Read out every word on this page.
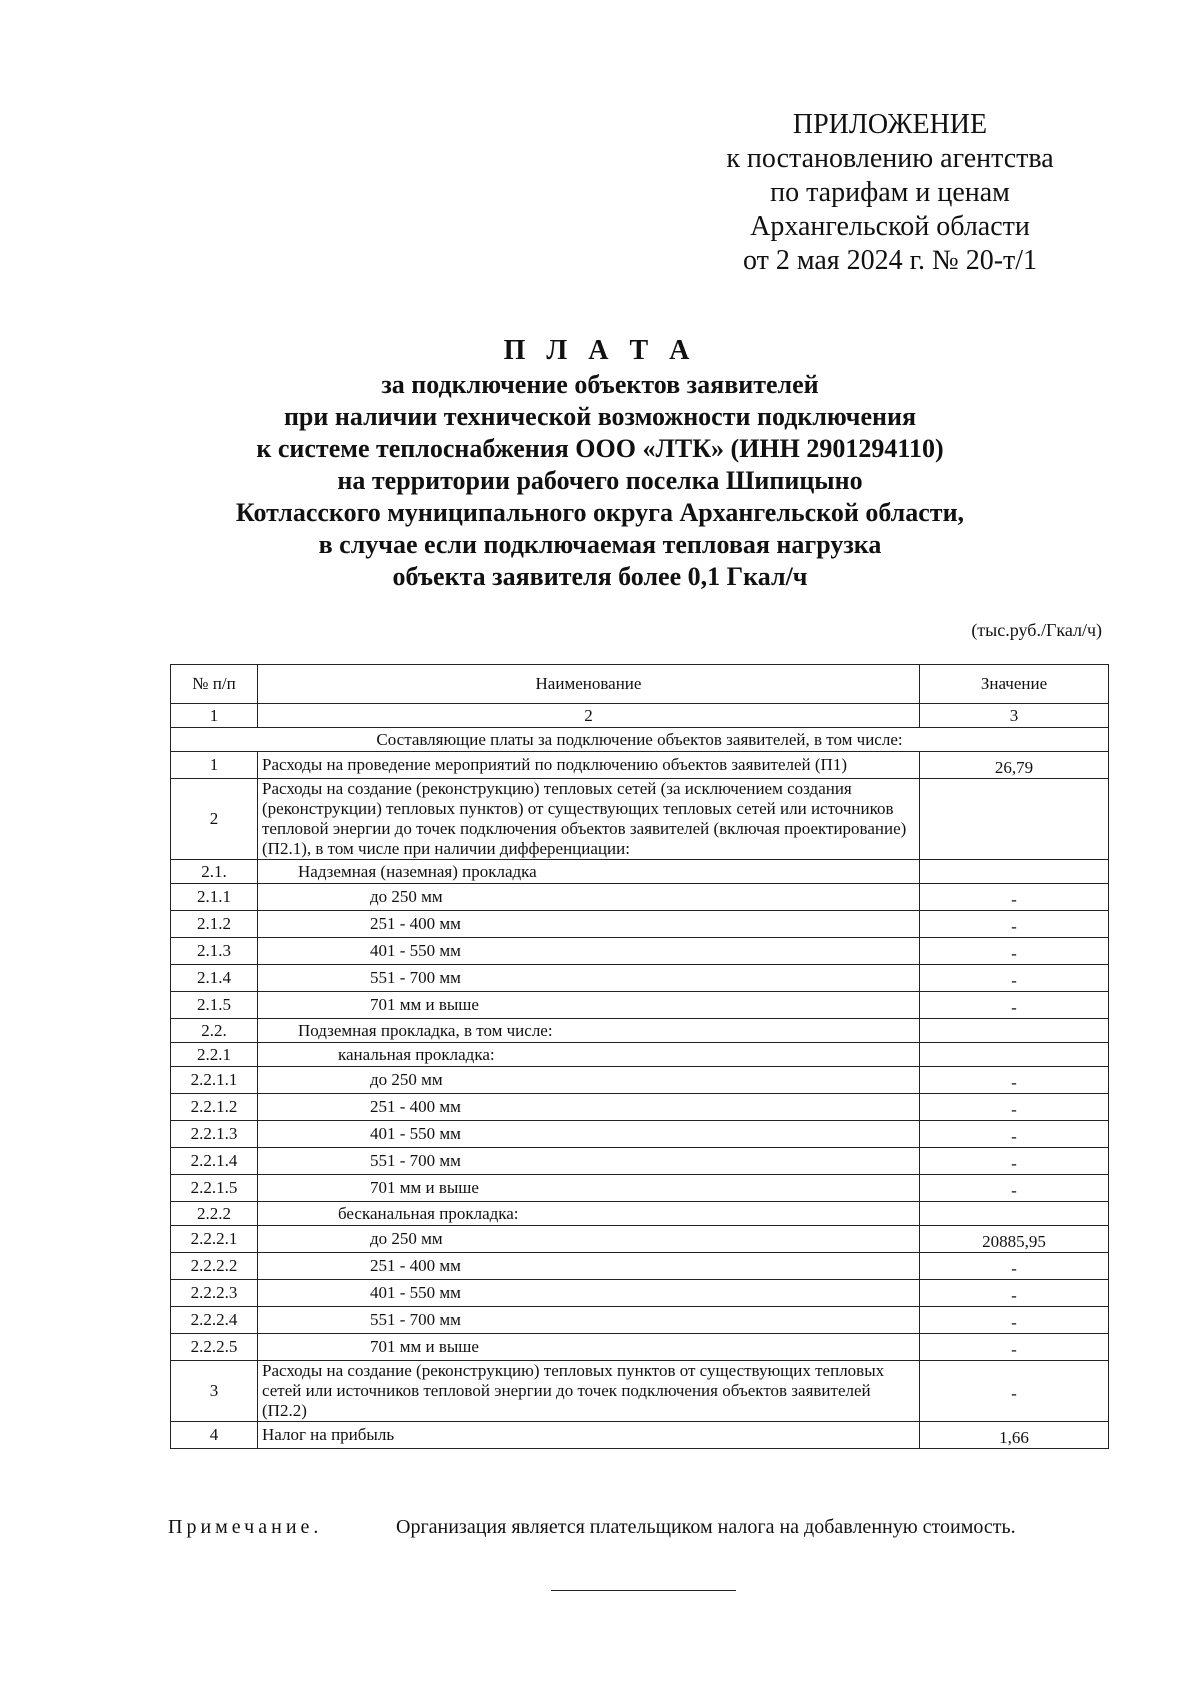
ПРИЛОЖЕНИЕ
к постановлению агентства
по тарифам и ценам
Архангельской области
от 2 мая 2024 г. № 20-т/1
П Л А Т А
за подключение объектов заявителей
при наличии технической возможности подключения
к системе теплоснабжения ООО «ЛТК» (ИНН 2901294110)
на территории рабочего поселка Шипицыно
Котласского муниципального округа Архангельской области,
в случае если подключаемая тепловая нагрузка
объекта заявителя более 0,1 Гкал/ч
(тыс.руб./Гкал/ч)
№ п/п	Наименование	Значение
1	2	3
Составляющие платы за подключение объектов заявителей, в том числе:		
1	Расходы на проведение мероприятий по подключению объектов заявителей (П1)	26,79
2	Расходы на создание (реконструкцию) тепловых сетей (за исключением создания (реконструкции) тепловых пунктов) от существующих тепловых сетей или источников тепловой энергии до точек подключения объектов заявителей (включая проектирование) (П2.1), в том числе при наличии дифференциации:	
2.1.	Надземная (наземная) прокладка	
2.1.1	до 250 мм	-
2.1.2	251 - 400 мм	-
2.1.3	401 - 550 мм	-
2.1.4	551 - 700 мм	-
2.1.5	701 мм и выше	-
2.2.	Подземная прокладка, в том числе:	
2.2.1	канальная прокладка:	
2.2.1.1	до 250 мм	-
2.2.1.2	251 - 400 мм	-
2.2.1.3	401 - 550 мм	-
2.2.1.4	551 - 700 мм	-
2.2.1.5	701 мм и выше	-
2.2.2	бесканальная прокладка:	
2.2.2.1	до 250 мм	20885,95
2.2.2.2	251 - 400 мм	-
2.2.2.3	401 - 550 мм	-
2.2.2.4	551 - 700 мм	-
2.2.2.5	701 мм и выше	-
3	Расходы на создание (реконструкцию) тепловых пунктов от существующих тепловых сетей или источников тепловой энергии до точек подключения объектов заявителей (П2.2)	-
4	Налог на прибыль	1,66
Примечание.	Организация является плательщиком налога на добавленную стоимость.
